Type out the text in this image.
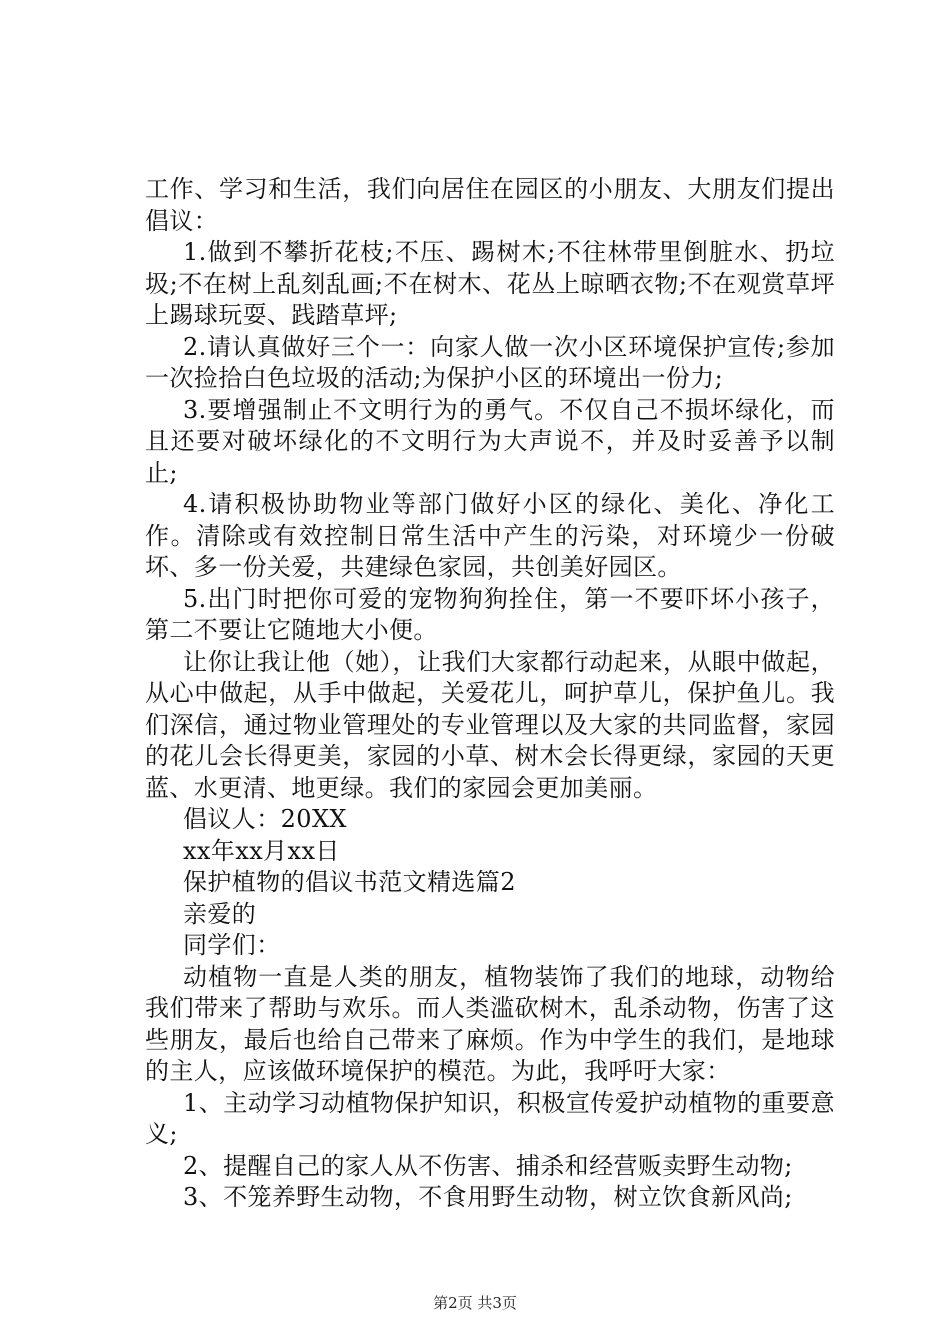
工作、学习和生活，我们向居住在园区的小朋友、大朋友们提出倡议：

1.做到不攀折花枝;不压、踢树木;不往林带里倒脏水、扔垃圾;不在树上乱刻乱画;不在树木、花丛上晾晒衣物;不在观赏草坪上踢球玩耍、践踏草坪;

2.请认真做好三个一：向家人做一次小区环境保护宣传;参加一次捡拾白色垃圾的活动;为保护小区的环境出一份力;

3.要增强制止不文明行为的勇气。不仅自己不损坏绿化，而且还要对破坏绿化的不文明行为大声说不，并及时妥善予以制止;

4.请积极协助物业等部门做好小区的绿化、美化、净化工作。清除或有效控制日常生活中产生的污染，对环境少一份破坏、多一份关爱，共建绿色家园，共创美好园区。

5.出门时把你可爱的宠物狗狗拴住，第一不要吓坏小孩子，第二不要让它随地大小便。

让你让我让他（她），让我们大家都行动起来，从眼中做起，从心中做起，从手中做起，关爱花儿，呵护草儿，保护鱼儿。我们深信，通过物业管理处的专业管理以及大家的共同监督，家园的花儿会长得更美，家园的小草、树木会长得更绿，家园的天更蓝、水更清、地更绿。我们的家园会更加美丽。

倡议人：20XX

xx年xx月xx日

保护植物的倡议书范文精选篇2

亲爱的

同学们：

动植物一直是人类的朋友，植物装饰了我们的地球，动物给我们带来了帮助与欢乐。而人类滥砍树木，乱杀动物，伤害了这些朋友，最后也给自己带来了麻烦。作为中学生的我们，是地球的主人，应该做环境保护的模范。为此，我呼吁大家：

1、主动学习动植物保护知识，积极宣传爱护动植物的重要意义;

2、提醒自己的家人从不伤害、捕杀和经营贩卖野生动物;

3、不笼养野生动物，不食用野生动物，树立饮食新风尚;

第2页 共3页
